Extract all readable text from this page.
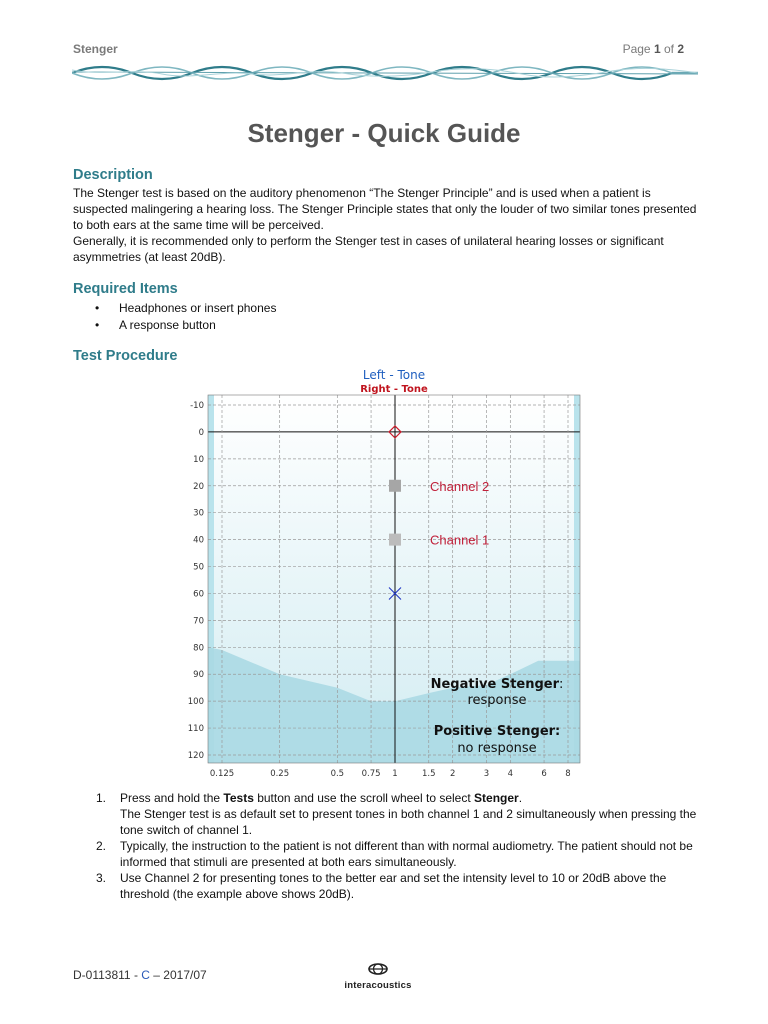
Stenger	Page 1 of 2
Stenger - Quick Guide
Description
The Stenger test is based on the auditory phenomenon “The Stenger Principle” and is used when a patient is suspected malingering a hearing loss. The Stenger Principle states that only the louder of two similar tones presented to both ears at the same time will be perceived.
Generally, it is recommended only to perform the Stenger test in cases of unilateral hearing losses or significant asymmetries (at least 20dB).
Required Items
• Headphones or insert phones
• A response button
Test Procedure
Left - Tone
Right - Tone
-10
0
10
20
30
40
50
60
70
80
90
100
110
120
0.125	0.25	0.5 0.75 1	1.5 2	3 4	6 8
Channel 2
Channel 1
Negative Stenger:
response
Positive Stenger:
no response
1. Press and hold the Tests button and use the scroll wheel to select Stenger.
The Stenger test is as default set to present tones in both channel 1 and 2 simultaneously when pressing the tone switch of channel 1.
2. Typically, the instruction to the patient is not different than with normal audiometry. The patient should not be informed that stimuli are presented at both ears simultaneously.
3. Use Channel 2 for presenting tones to the better ear and set the intensity level to 10 or 20dB above the threshold (the example above shows 20dB).
D-0113811 - C – 2017/07
interacoustics
